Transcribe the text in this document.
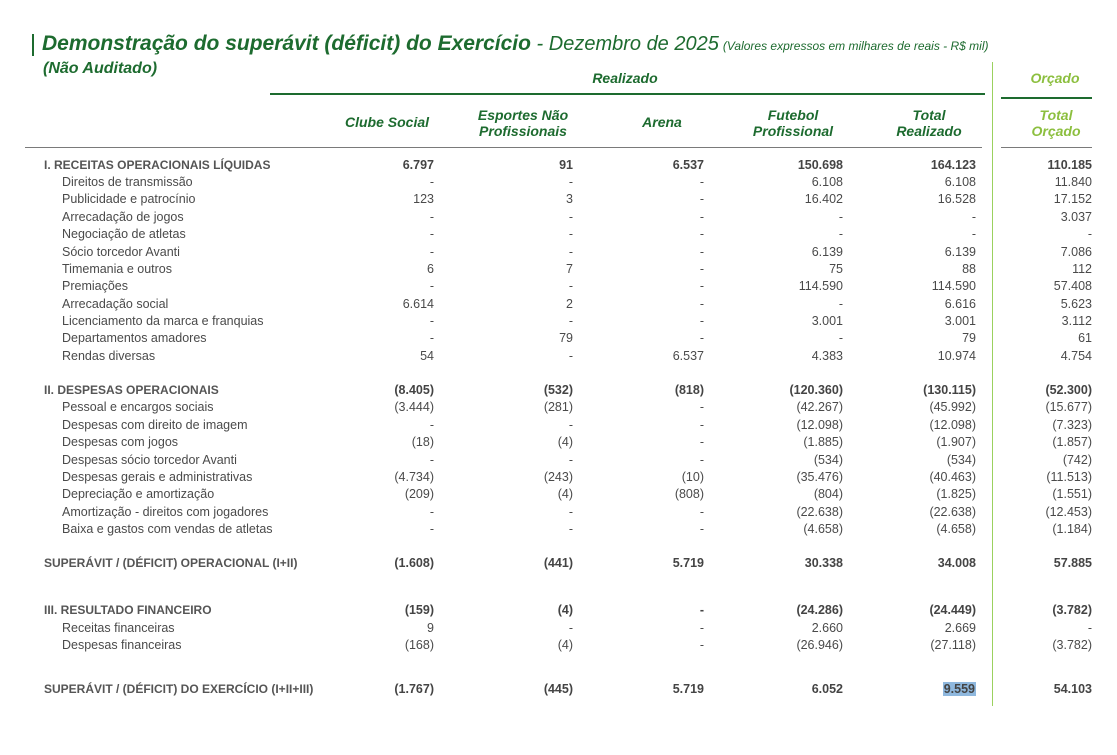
Demonstração do superávit (déficit) do Exercício - Dezembro de 2025 (Valores expressos em milhares de reais - R$ mil)
(Não Auditado)
Realizado	Orçado
Clube Social	Esportes Não
Profissionais
Arena	Futebol
Profissional
Total
Realizado
Total
Orçado
I. RECEITAS OPERACIONAIS LÍQUIDAS	6.797	91	6.537	150.698	164.123	110.185
Direitos de transmissão	-	-	-	6.108	6.108	11.840
Publicidade e patrocínio	123	3	-	16.402	16.528	17.152
Arrecadação de jogos	-	-	-	-	-	3.037
Negociação de atletas	-	-	-	-	-	-
Sócio torcedor Avanti	-	-	-	6.139	6.139	7.086
Timemania e outros	6	7	-	75	88	112
Premiações	-	-	-	114.590	114.590	57.408
Arrecadação social	6.614	2	-	-	6.616	5.623
Licenciamento da marca e franquias	-	-	-	3.001	3.001	3.112
Departamentos amadores	-	79	-	-	79	61
Rendas diversas	54	-	6.537	4.383	10.974	4.754
II. DESPESAS OPERACIONAIS	(8.405)	(532)	(818)	(120.360)	(130.115)	(52.300)
Pessoal e encargos sociais	(3.444)	(281)	-	(42.267)	(45.992)	(15.677)
Despesas com direito de imagem	-	-	-	(12.098)	(12.098)	(7.323)
Despesas com jogos	(18)	(4)	-	(1.885)	(1.907)	(1.857)
Despesas sócio torcedor Avanti	-	-	-	(534)	(534)	(742)
Despesas gerais e administrativas	(4.734)	(243)	(10)	(35.476)	(40.463)	(11.513)
Depreciação e amortização	(209)	(4)	(808)	(804)	(1.825)	(1.551)
Amortização - direitos com jogadores	-	-	-	(22.638)	(22.638)	(12.453)
Baixa e gastos com vendas de atletas	-	-	-	(4.658)	(4.658)	(1.184)
SUPERÁVIT / (DÉFICIT) OPERACIONAL (I+II)	(1.608)	(441)	5.719	30.338	34.008	57.885
III. RESULTADO FINANCEIRO	(159)	(4)	-	(24.286)	(24.449)	(3.782)
Receitas financeiras	9	-	-	2.660	2.669	-
Despesas financeiras	(168)	(4)	-	(26.946)	(27.118)	(3.782)
SUPERÁVIT / (DÉFICIT) DO EXERCÍCIO (I+II+III)	(1.767)	(445)	5.719	6.052	9.559	54.103
